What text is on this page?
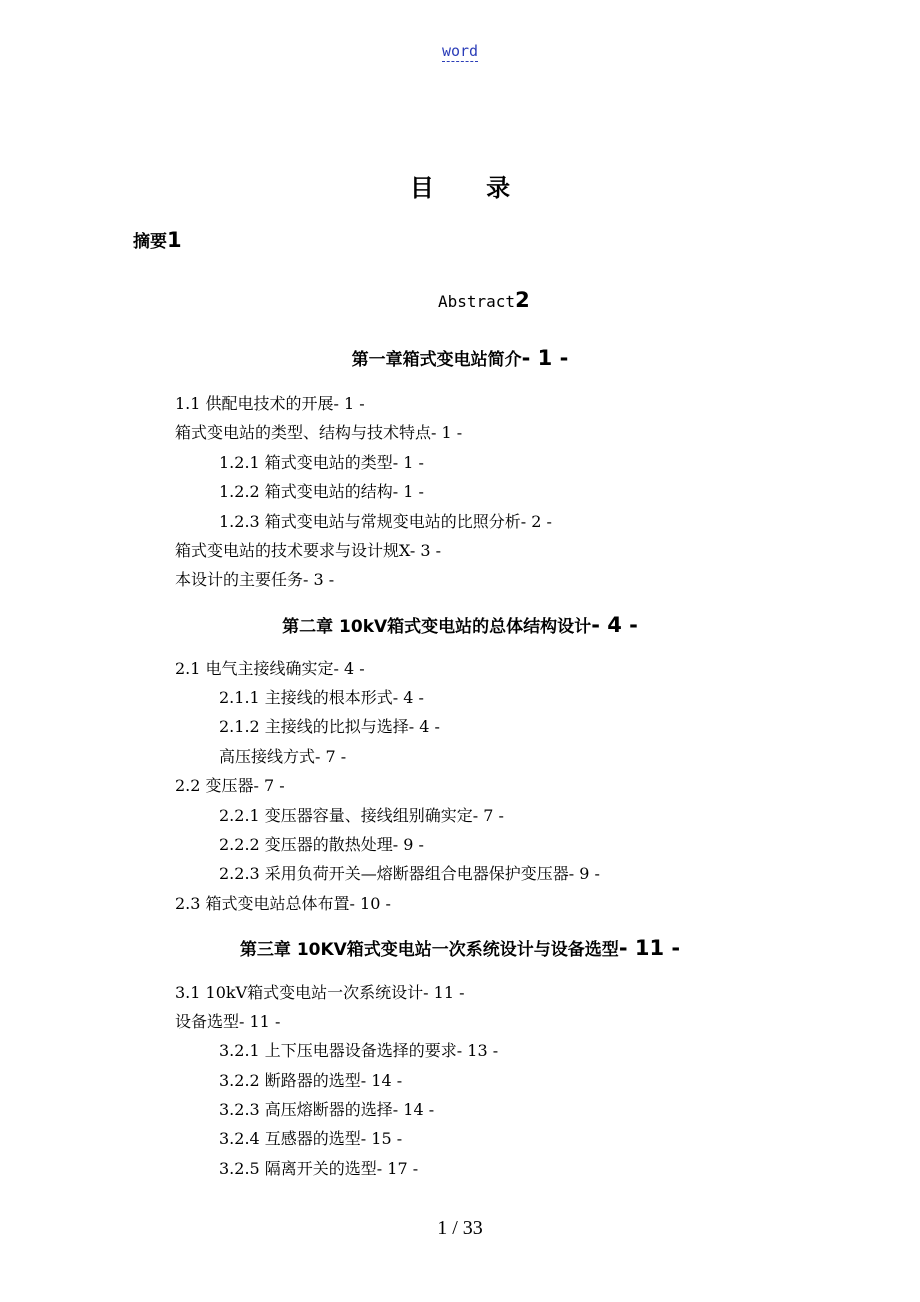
word
目 录
摘要1
Abstract2
第一章箱式变电站简介- 1 -
1.1 供配电技术的开展- 1 -
箱式变电站的类型、结构与技术特点- 1 -
1.2.1 箱式变电站的类型- 1 -
1.2.2 箱式变电站的结构- 1 -
1.2.3 箱式变电站与常规变电站的比照分析- 2 -
箱式变电站的技术要求与设计规X- 3 -
本设计的主要任务- 3 -
第二章 10kV箱式变电站的总体结构设计- 4 -
2.1 电气主接线确实定- 4 -
2.1.1 主接线的根本形式- 4 -
2.1.2 主接线的比拟与选择- 4 -
高压接线方式- 7 -
2.2 变压器- 7 -
2.2.1 变压器容量、接线组别确实定- 7 -
2.2.2 变压器的散热处理- 9 -
2.2.3 采用负荷开关—熔断器组合电器保护变压器- 9 -
2.3 箱式变电站总体布置- 10 -
第三章 10KV箱式变电站一次系统设计与设备选型- 11 -
3.1 10kV箱式变电站一次系统设计- 11 -
设备选型- 11 -
3.2.1 上下压电器设备选择的要求- 13 -
3.2.2 断路器的选型- 14 -
3.2.3 高压熔断器的选择- 14 -
3.2.4 互感器的选型- 15 -
3.2.5 隔离开关的选型- 17 -
1 / 33
